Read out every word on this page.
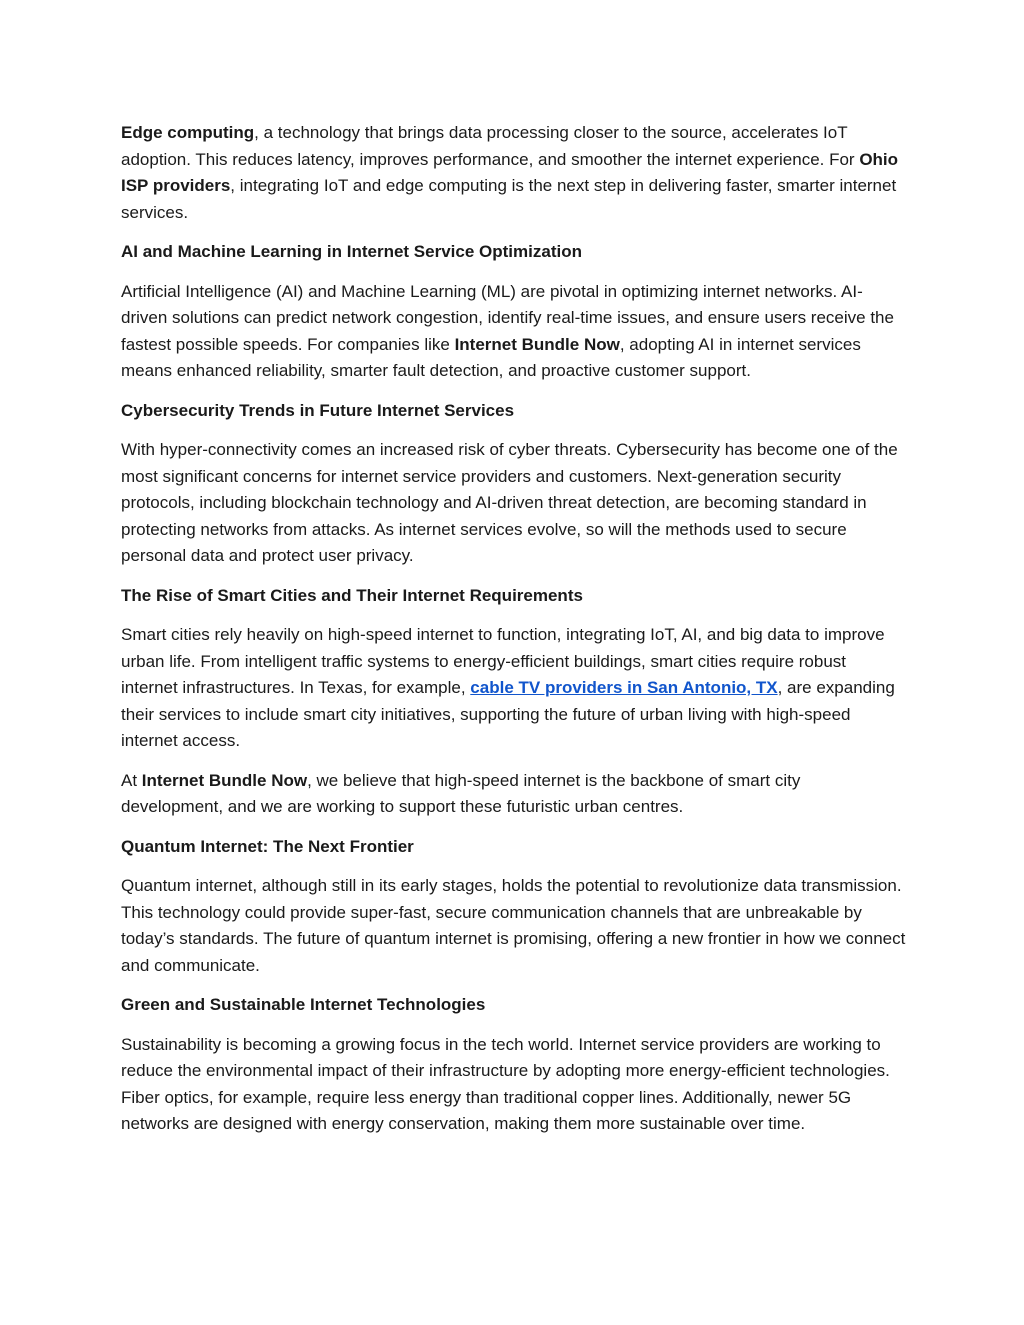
Edge computing, a technology that brings data processing closer to the source, accelerates IoT adoption. This reduces latency, improves performance, and smoother the internet experience. For Ohio ISP providers, integrating IoT and edge computing is the next step in delivering faster, smarter internet services.

AI and Machine Learning in Internet Service Optimization

Artificial Intelligence (AI) and Machine Learning (ML) are pivotal in optimizing internet networks. AI-driven solutions can predict network congestion, identify real-time issues, and ensure users receive the fastest possible speeds. For companies like Internet Bundle Now, adopting AI in internet services means enhanced reliability, smarter fault detection, and proactive customer support.

Cybersecurity Trends in Future Internet Services

With hyper-connectivity comes an increased risk of cyber threats. Cybersecurity has become one of the most significant concerns for internet service providers and customers. Next-generation security protocols, including blockchain technology and AI-driven threat detection, are becoming standard in protecting networks from attacks. As internet services evolve, so will the methods used to secure personal data and protect user privacy.

The Rise of Smart Cities and Their Internet Requirements

Smart cities rely heavily on high-speed internet to function, integrating IoT, AI, and big data to improve urban life. From intelligent traffic systems to energy-efficient buildings, smart cities require robust internet infrastructures. In Texas, for example, cable TV providers in San Antonio, TX, are expanding their services to include smart city initiatives, supporting the future of urban living with high-speed internet access.

At Internet Bundle Now, we believe that high-speed internet is the backbone of smart city development, and we are working to support these futuristic urban centres.

Quantum Internet: The Next Frontier

Quantum internet, although still in its early stages, holds the potential to revolutionize data transmission. This technology could provide super-fast, secure communication channels that are unbreakable by today’s standards. The future of quantum internet is promising, offering a new frontier in how we connect and communicate.

Green and Sustainable Internet Technologies

Sustainability is becoming a growing focus in the tech world. Internet service providers are working to reduce the environmental impact of their infrastructure by adopting more energy-efficient technologies. Fiber optics, for example, require less energy than traditional copper lines. Additionally, newer 5G networks are designed with energy conservation, making them more sustainable over time.
